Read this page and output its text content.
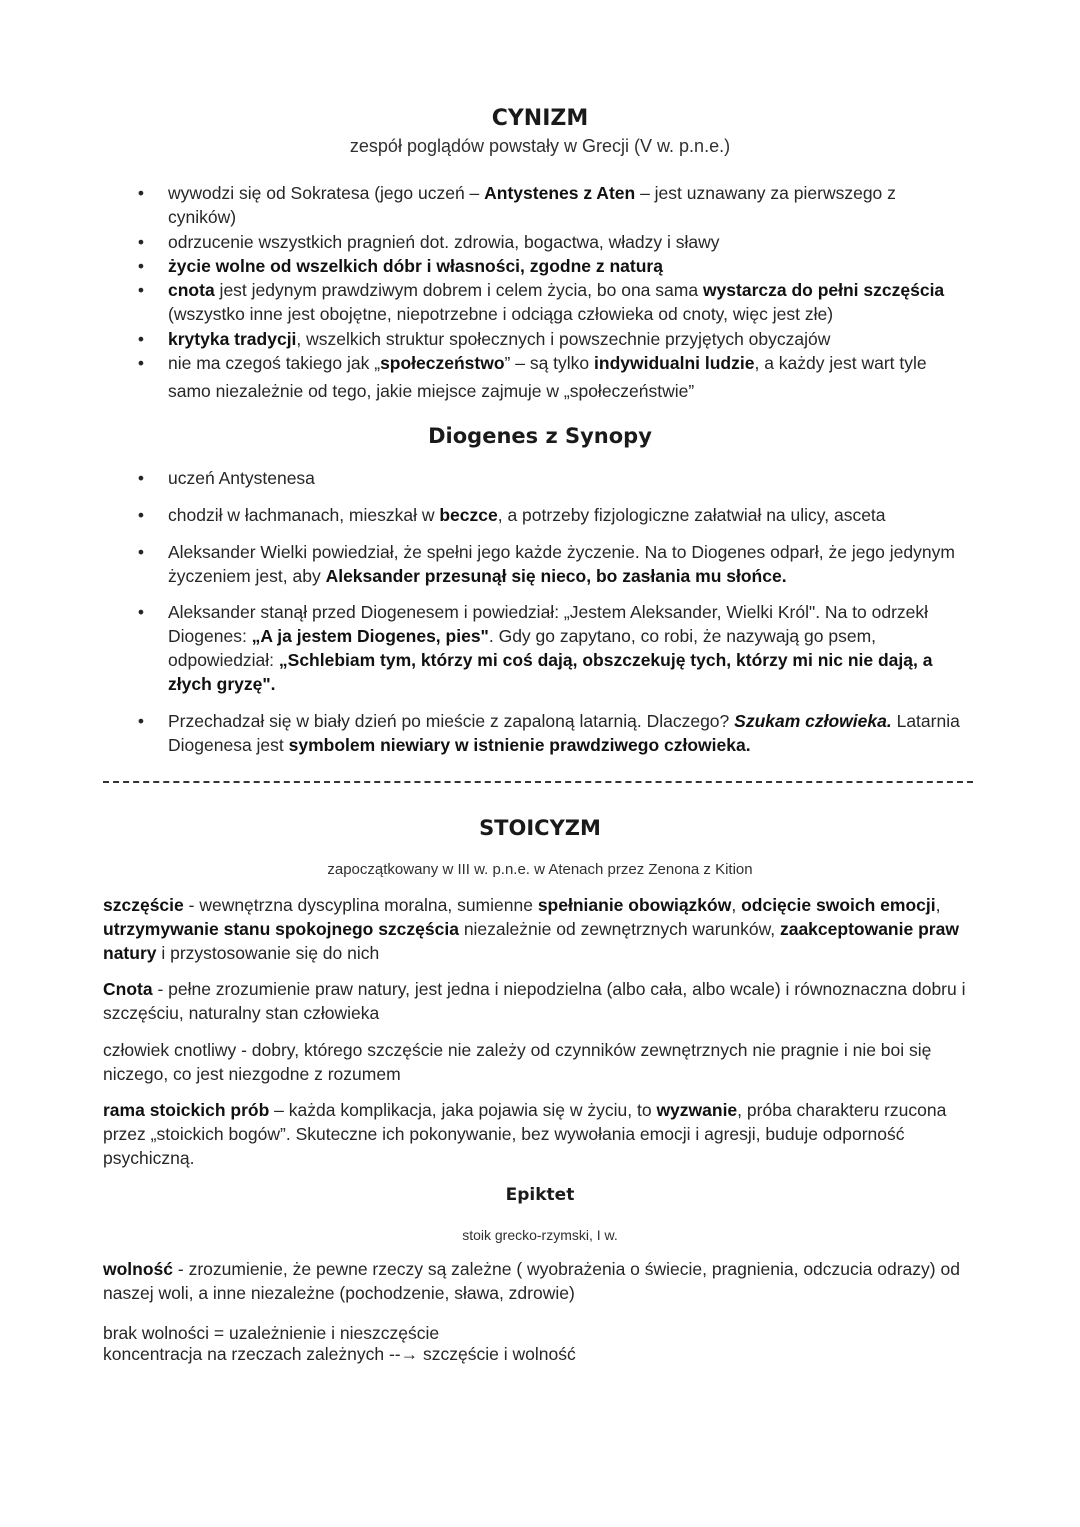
CYNIZM
zespół poglądów powstały w Grecji (V w. p.n.e.)
• wywodzi się od Sokratesa (jego uczeń – Antystenes z Aten – jest uznawany za pierwszego z cyników)
• odrzucenie wszystkich pragnień dot. zdrowia, bogactwa, władzy i sławy
• życie wolne od wszelkich dóbr i własności, zgodne z naturą
• cnota jest jedynym prawdziwym dobrem i celem życia, bo ona sama wystarcza do pełni szczęścia (wszystko inne jest obojętne, niepotrzebne i odciąga człowieka od cnoty, więc jest złe)
• krytyka tradycji, wszelkich struktur społecznych i powszechnie przyjętych obyczajów
• nie ma czegoś takiego jak „społeczeństwo” – są tylko indywidualni ludzie, a każdy jest wart tyle samo niezależnie od tego, jakie miejsce zajmuje w „społeczeństwie”
Diogenes z Synopy
• uczeń Antystenesa
• chodził w łachmanach, mieszkał w beczce, a potrzeby fizjologiczne załatwiał na ulicy, asceta
• Aleksander Wielki powiedział, że spełni jego każde życzenie. Na to Diogenes odparł, że jego jedynym życzeniem jest, aby Aleksander przesunął się nieco, bo zasłania mu słońce.
• Aleksander stanął przed Diogenesem i powiedział: „Jestem Aleksander, Wielki Król". Na to odrzekł Diogenes: „A ja jestem Diogenes, pies". Gdy go zapytano, co robi, że nazywają go psem, odpowiedział: „Schlebiam tym, którzy mi coś dają, obszczekuję tych, którzy mi nic nie dają, a złych gryzę".
• Przechadzał się w biały dzień po mieście z zapaloną latarnią. Dlaczego? Szukam człowieka. Latarnia Diogenesa jest symbolem niewiary w istnienie prawdziwego człowieka.
STOICYZM
zapoczątkowany w III w. p.n.e. w Atenach przez Zenona z Kition
szczęście - wewnętrzna dyscyplina moralna, sumienne spełnianie obowiązków, odcięcie swoich emocji, utrzymywanie stanu spokojnego szczęścia niezależnie od zewnętrznych warunków, zaakceptowanie praw natury i przystosowanie się do nich
Cnota - pełne zrozumienie praw natury, jest jedna i niepodzielna (albo cała, albo wcale) i równoznaczna dobru i szczęściu, naturalny stan człowieka
człowiek cnotliwy - dobry, którego szczęście nie zależy od czynników zewnętrznych nie pragnie i nie boi się niczego, co jest niezgodne z rozumem
rama stoickich prób – każda komplikacja, jaka pojawia się w życiu, to wyzwanie, próba charakteru rzucona przez „stoickich bogów”. Skuteczne ich pokonywanie, bez wywołania emocji i agresji, buduje odporność psychiczną.
Epiktet
stoik grecko-rzymski, I w.
wolność - zrozumienie, że pewne rzeczy są zależne ( wyobrażenia o świecie, pragnienia, odczucia odrazy) od naszej woli, a inne niezależne (pochodzenie, sława, zdrowie)
brak wolności = uzależnienie i nieszczęście
koncentracja na rzeczach zależnych --→ szczęście i wolność
